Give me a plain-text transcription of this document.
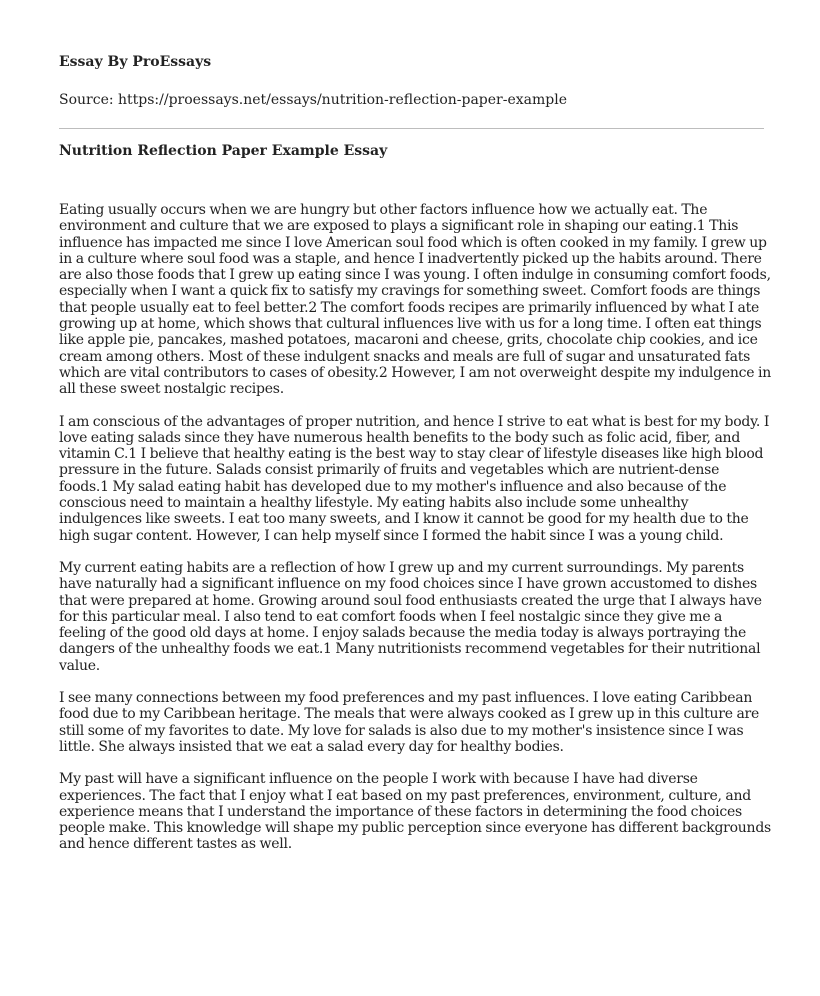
Essay By ProEssays

Source: https://proessays.net/essays/nutrition-reflection-paper-example

Nutrition Reflection Paper Example Essay

Eating usually occurs when we are hungry but other factors influence how we actually eat. The environment and culture that we are exposed to plays a significant role in shaping our eating.1 This influence has impacted me since I love American soul food which is often cooked in my family. I grew up in a culture where soul food was a staple, and hence I inadvertently picked up the habits around. There are also those foods that I grew up eating since I was young. I often indulge in consuming comfort foods, especially when I want a quick fix to satisfy my cravings for something sweet. Comfort foods are things that people usually eat to feel better.2 The comfort foods recipes are primarily influenced by what I ate growing up at home, which shows that cultural influences live with us for a long time. I often eat things like apple pie, pancakes, mashed potatoes, macaroni and cheese, grits, chocolate chip cookies, and ice cream among others. Most of these indulgent snacks and meals are full of sugar and unsaturated fats which are vital contributors to cases of obesity.2 However, I am not overweight despite my indulgence in all these sweet nostalgic recipes.

I am conscious of the advantages of proper nutrition, and hence I strive to eat what is best for my body. I love eating salads since they have numerous health benefits to the body such as folic acid, fiber, and vitamin C.1 I believe that healthy eating is the best way to stay clear of lifestyle diseases like high blood pressure in the future. Salads consist primarily of fruits and vegetables which are nutrient-dense foods.1 My salad eating habit has developed due to my mother's influence and also because of the conscious need to maintain a healthy lifestyle. My eating habits also include some unhealthy indulgences like sweets. I eat too many sweets, and I know it cannot be good for my health due to the high sugar content. However, I can help myself since I formed the habit since I was a young child.

My current eating habits are a reflection of how I grew up and my current surroundings. My parents have naturally had a significant influence on my food choices since I have grown accustomed to dishes that were prepared at home. Growing around soul food enthusiasts created the urge that I always have for this particular meal. I also tend to eat comfort foods when I feel nostalgic since they give me a feeling of the good old days at home. I enjoy salads because the media today is always portraying the dangers of the unhealthy foods we eat.1 Many nutritionists recommend vegetables for their nutritional value.

I see many connections between my food preferences and my past influences. I love eating Caribbean food due to my Caribbean heritage. The meals that were always cooked as I grew up in this culture are still some of my favorites to date. My love for salads is also due to my mother's insistence since I was little. She always insisted that we eat a salad every day for healthy bodies.

My past will have a significant influence on the people I work with because I have had diverse experiences. The fact that I enjoy what I eat based on my past preferences, environment, culture, and experience means that I understand the importance of these factors in determining the food choices people make. This knowledge will shape my public perception since everyone has different backgrounds and hence different tastes as well.
